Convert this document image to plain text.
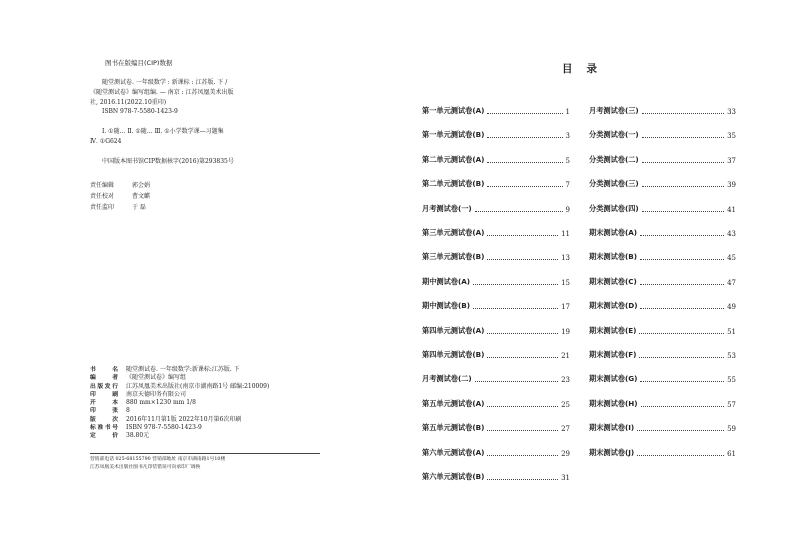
图书在版编目(CIP)数据
随堂测试卷. 一年级数学 : 新课标 : 江苏版. 下 /
《随堂测试卷》编写组编. — 南京 : 江苏凤凰美术出版
社, 2016.11(2022.10重印)
ISBN 978-7-5580-1423-9
Ⅰ. ①随… Ⅱ. ①随… Ⅲ. ①小学数学课—习题集
Ⅳ. ①G624
中国版本图书馆CIP数据核字(2016)第293835号
责任编辑	郭会娟
责任校对	曹文麒
责任监印	于 磊
书名 随堂测试卷. 一年级数学:新课标:江苏版. 下
编者 《随堂测试卷》编写组
出版发行 江苏凤凰美术出版社(南京市湖南路1号 邮编:210009)
印刷 南京天德印务有限公司
开本 880 mm×1230 mm 1/8
印张 8
版次 2016年11月第1版 2022年10月第6次印刷
标准书号 ISBN 978-7-5580-1423-9
定价 38.80元
营销部电话 025-68155790 营销部地址 南京市湖南路1号10楼
江苏凤凰美术出版社图书凡印装错误可向承印厂调换
目录
第一单元测试卷(A)	1
第一单元测试卷(B)	3
第二单元测试卷(A)	5
第二单元测试卷(B)	7
月考测试卷(一)	9
第三单元测试卷(A)	11
第三单元测试卷(B)	13
期中测试卷(A)	15
期中测试卷(B)	17
第四单元测试卷(A)	19
第四单元测试卷(B)	21
月考测试卷(二)	23
第五单元测试卷(A)	25
第五单元测试卷(B)	27
第六单元测试卷(A)	29
第六单元测试卷(B)	31
月考测试卷(三)	33
分类测试卷(一)	35
分类测试卷(二)	37
分类测试卷(三)	39
分类测试卷(四)	41
期末测试卷(A)	43
期末测试卷(B)	45
期末测试卷(C)	47
期末测试卷(D)	49
期末测试卷(E)	51
期末测试卷(F)	53
期末测试卷(G)	55
期末测试卷(H)	57
期末测试卷(I)	59
期末测试卷(J)	61
